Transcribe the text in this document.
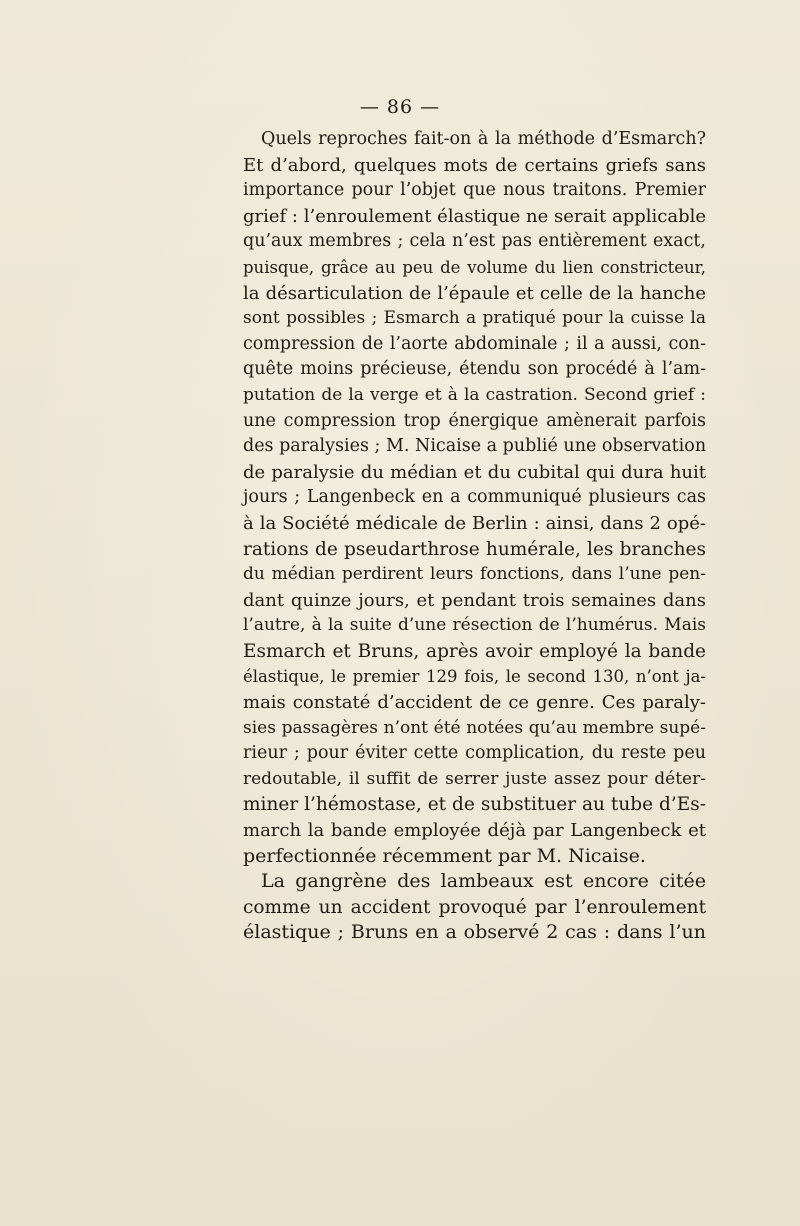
— 86 —
Quels reproches fait-on à la méthode d’Esmarch?
Et d’abord, quelques mots de certains griefs sans
importance pour l’objet que nous traitons. Premier
grief : l’enroulement élastique ne serait applicable
qu’aux membres ; cela n’est pas entièrement exact,
puisque, grâce au peu de volume du lien constricteur,
la désarticulation de l’épaule et celle de la hanche
sont possibles ; Esmarch a pratiqué pour la cuisse la
compression de l’aorte abdominale ; il a aussi, con-
quête moins précieuse, étendu son procédé à l’am-
putation de la verge et à la castration. Second grief :
une compression trop énergique amènerait parfois
des paralysies ; M. Nicaise a publié une observation
de paralysie du médian et du cubital qui dura huit
jours ; Langenbeck en a communiqué plusieurs cas
à la Société médicale de Berlin : ainsi, dans 2 opé-
rations de pseudarthrose humérale, les branches
du médian perdirent leurs fonctions, dans l’une pen-
dant quinze jours, et pendant trois semaines dans
l’autre, à la suite d’une résection de l’humérus. Mais
Esmarch et Bruns, après avoir employé la bande
élastique, le premier 129 fois, le second 130, n’ont ja-
mais constaté d’accident de ce genre. Ces paraly-
sies passagères n’ont été notées qu’au membre supé-
rieur ; pour éviter cette complication, du reste peu
redoutable, il suffit de serrer juste assez pour déter-
miner l’hémostase, et de substituer au tube d’Es-
march la bande employée déjà par Langenbeck et
perfectionnée récemment par M. Nicaise.
La gangrène des lambeaux est encore citée
comme un accident provoqué par l’enroulement
élastique ; Bruns en a observé 2 cas : dans l’un
